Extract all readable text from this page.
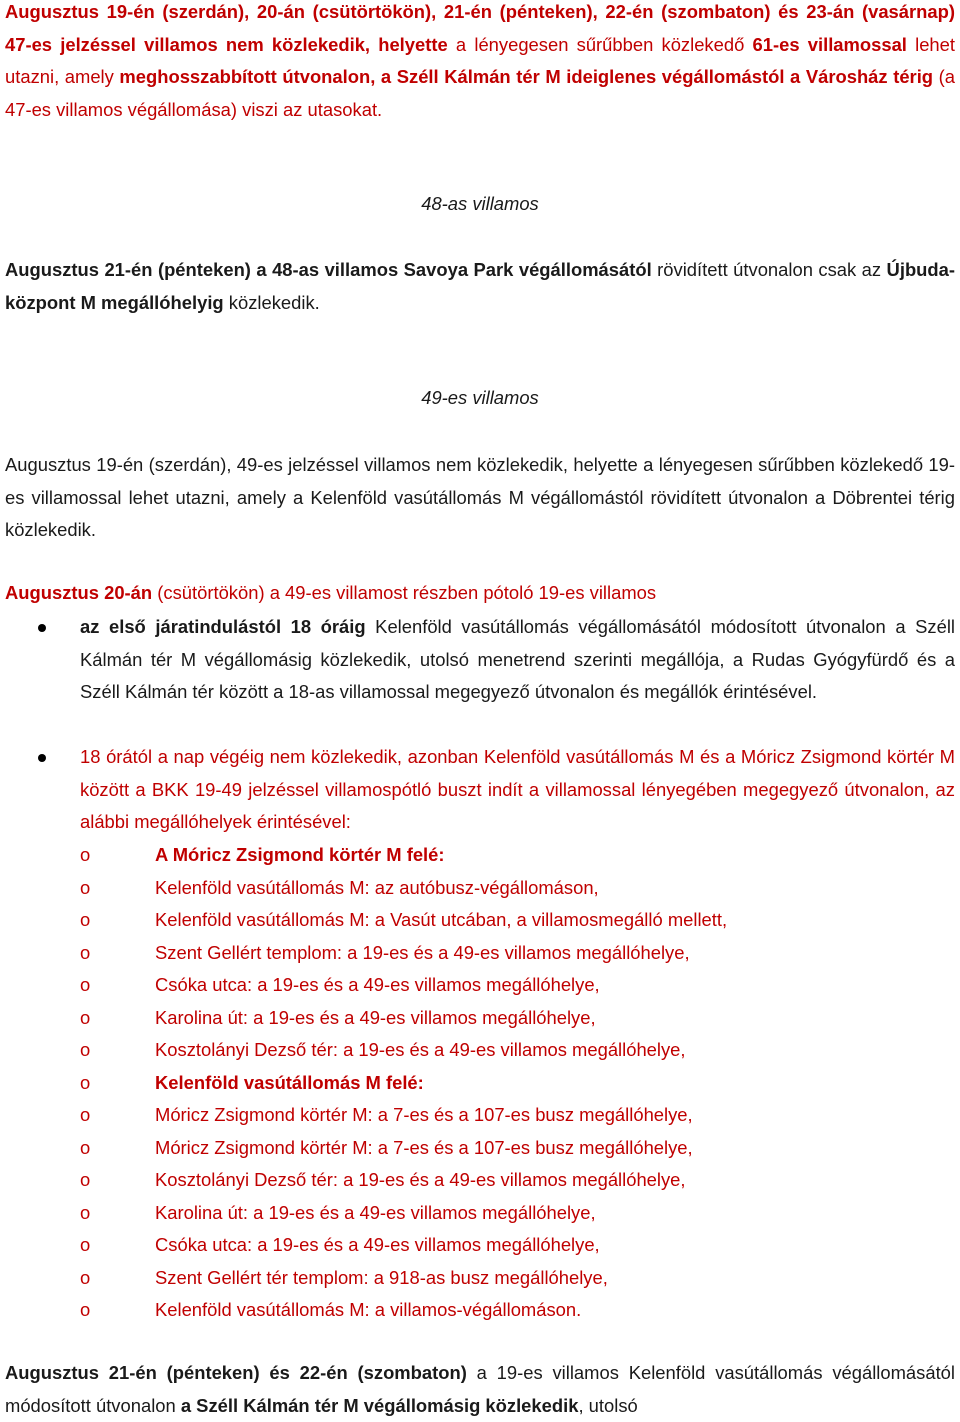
Augusztus 19-én (szerdán), 20-án (csütörtökön), 21-én (pénteken), 22-én (szombaton) és 23-án (vasárnap) 47-es jelzéssel villamos nem közlekedik, helyette a lényegesen sűrűbben közlekedő 61-es villamossal lehet utazni, amely meghosszabbított útvonalon, a Széll Kálmán tér M ideiglenes végállomástól a Városház térig (a 47-es villamos végállomása) viszi az utasokat.

48-as villamos

Augusztus 21-én (pénteken) a 48-as villamos Savoya Park végállomásától rövidített útvonalon csak az Újbuda-központ M megállóhelyig közlekedik.

49-es villamos

Augusztus 19-én (szerdán), 49-es jelzéssel villamos nem közlekedik, helyette a lényegesen sűrűbben közlekedő 19-es villamossal lehet utazni, amely a Kelenföld vasútállomás M végállomástól rövidített útvonalon a Döbrentei térig közlekedik.

Augusztus 20-án (csütörtökön) a 49-es villamost részben pótoló 19-es villamos

az első járatindulástól 18 óráig Kelenföld vasútállomás végállomásától módosított útvonalon a Széll Kálmán tér M végállomásig közlekedik, utolsó menetrend szerinti megállója, a Rudas Gyógyfürdő és a Széll Kálmán tér között a 18-as villamossal megegyező útvonalon és megállók érintésével.

18 órától a nap végéig nem közlekedik, azonban Kelenföld vasútállomás M és a Móricz Zsigmond körtér M között a BKK 19-49 jelzéssel villamospótló buszt indít a villamossal lényegében megegyező útvonalon, az alábbi megállóhelyek érintésével:

o	A Móricz Zsigmond körtér M felé:

o	Kelenföld vasútállomás M: az autóbusz-végállomáson,

o	Kelenföld vasútállomás M: a Vasút utcában, a villamosmegálló mellett,

o	Szent Gellért templom: a 19-es és a 49-es villamos megállóhelye,

o	Csóka utca: a 19-es és a 49-es villamos megállóhelye,

o	Karolina út: a 19-es és a 49-es villamos megállóhelye,

o	Kosztolányi Dezső tér: a 19-es és a 49-es villamos megállóhelye,

o	Kelenföld vasútállomás M felé:

o	Móricz Zsigmond körtér M: a 7-es és a 107-es busz megállóhelye,

o	Móricz Zsigmond körtér M: a 7-es és a 107-es busz megállóhelye,

o	Kosztolányi Dezső tér: a 19-es és a 49-es villamos megállóhelye,

o	Karolina út: a 19-es és a 49-es villamos megállóhelye,

o	Csóka utca: a 19-es és a 49-es villamos megállóhelye,

o	Szent Gellért tér templom: a 918-as busz megállóhelye,

o	Kelenföld vasútállomás M: a villamos-végállomáson.

Augusztus 21-én (pénteken) és 22-én (szombaton) a 19-es villamos Kelenföld vasútállomás végállomásától módosított útvonalon a Széll Kálmán tér M végállomásig közlekedik, utolsó
